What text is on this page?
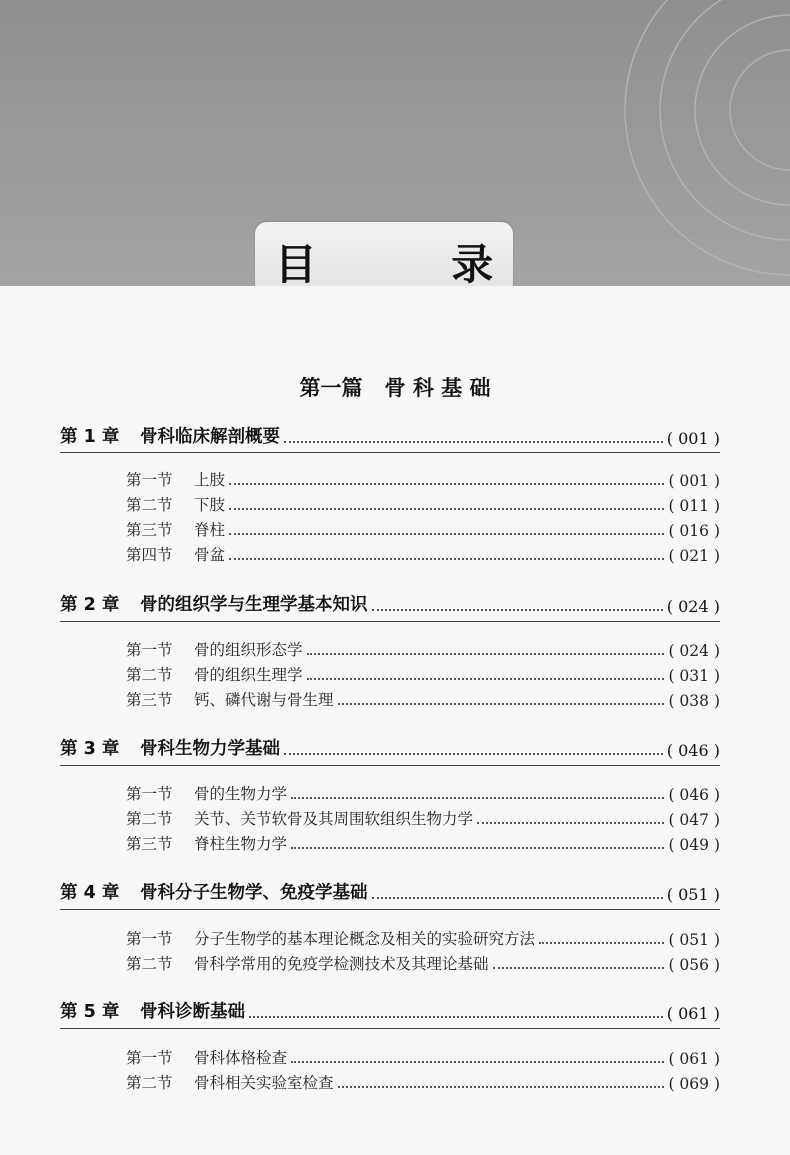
目 录
第一篇 骨 科 基 础
第 1 章	骨科临床解剖概要	( 001 )
第一节	上肢	( 001 )
第二节	下肢	( 011 )
第三节	脊柱	( 016 )
第四节	骨盆	( 021 )
第 2 章	骨的组织学与生理学基本知识	( 024 )
第一节	骨的组织形态学	( 024 )
第二节	骨的组织生理学	( 031 )
第三节	钙、磷代谢与骨生理	( 038 )
第 3 章	骨科生物力学基础	( 046 )
第一节	骨的生物力学	( 046 )
第二节	关节、关节软骨及其周围软组织生物力学	( 047 )
第三节	脊柱生物力学	( 049 )
第 4 章	骨科分子生物学、免疫学基础	( 051 )
第一节	分子生物学的基本理论概念及相关的实验研究方法	( 051 )
第二节	骨科学常用的免疫学检测技术及其理论基础	( 056 )
第 5 章	骨科诊断基础	( 061 )
第一节	骨科体格检查	( 061 )
第二节	骨科相关实验室检查	( 069 )
